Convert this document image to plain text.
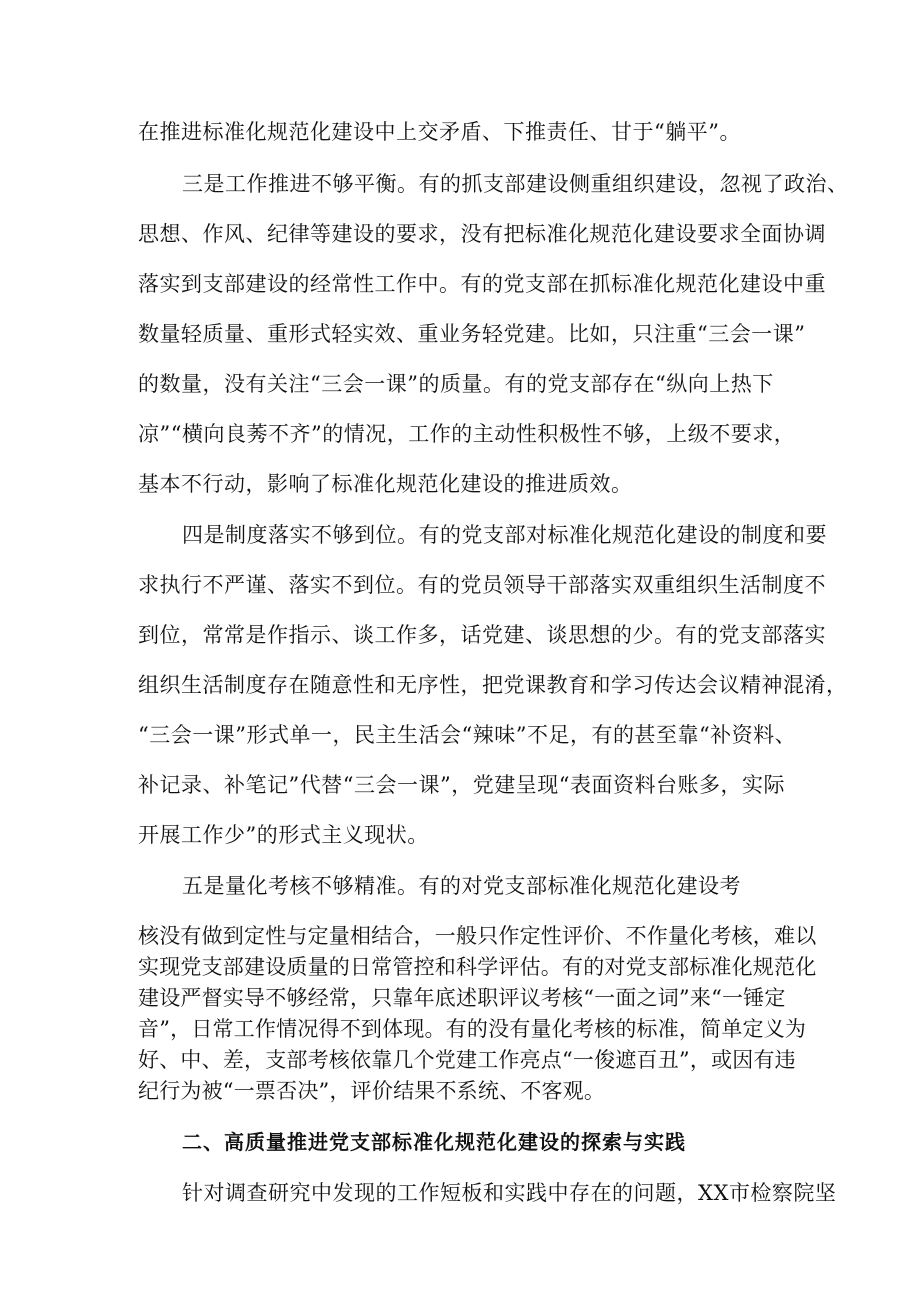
在推进标准化规范化建设中上交矛盾、下推责任、甘于“躺平”。
三是工作推进不够平衡。有的抓支部建设侧重组织建设，忽视了政治、
思想、作风、纪律等建设的要求，没有把标准化规范化建设要求全面协调
落实到支部建设的经常性工作中。有的党支部在抓标准化规范化建设中重
数量轻质量、重形式轻实效、重业务轻党建。比如，只注重“三会一课”
的数量，没有关注“三会一课”的质量。有的党支部存在“纵向上热下
凉”“横向良莠不齐”的情况，工作的主动性积极性不够，上级不要求，
基本不行动，影响了标准化规范化建设的推进质效。
四是制度落实不够到位。有的党支部对标准化规范化建设的制度和要
求执行不严谨、落实不到位。有的党员领导干部落实双重组织生活制度不
到位，常常是作指示、谈工作多，话党建、谈思想的少。有的党支部落实
组织生活制度存在随意性和无序性，把党课教育和学习传达会议精神混淆，
“三会一课”形式单一，民主生活会“辣味”不足，有的甚至靠“补资料、
补记录、补笔记”代替“三会一课”，党建呈现“表面资料台账多，实际
开展工作少”的形式主义现状。
五是量化考核不够精准。有的对党支部标准化规范化建设考
核没有做到定性与定量相结合，一般只作定性评价、不作量化考核，难以
实现党支部建设质量的日常管控和科学评估。有的对党支部标准化规范化
建设严督实导不够经常，只靠年底述职评议考核“一面之词”来“一锤定
音”，日常工作情况得不到体现。有的没有量化考核的标准，简单定义为
好、中、差，支部考核依靠几个党建工作亮点“一俊遮百丑”，或因有违
纪行为被“一票否决”，评价结果不系统、不客观。
二、高质量推进党支部标准化规范化建设的探索与实践
针对调查研究中发现的工作短板和实践中存在的问题，XX市检察院坚
